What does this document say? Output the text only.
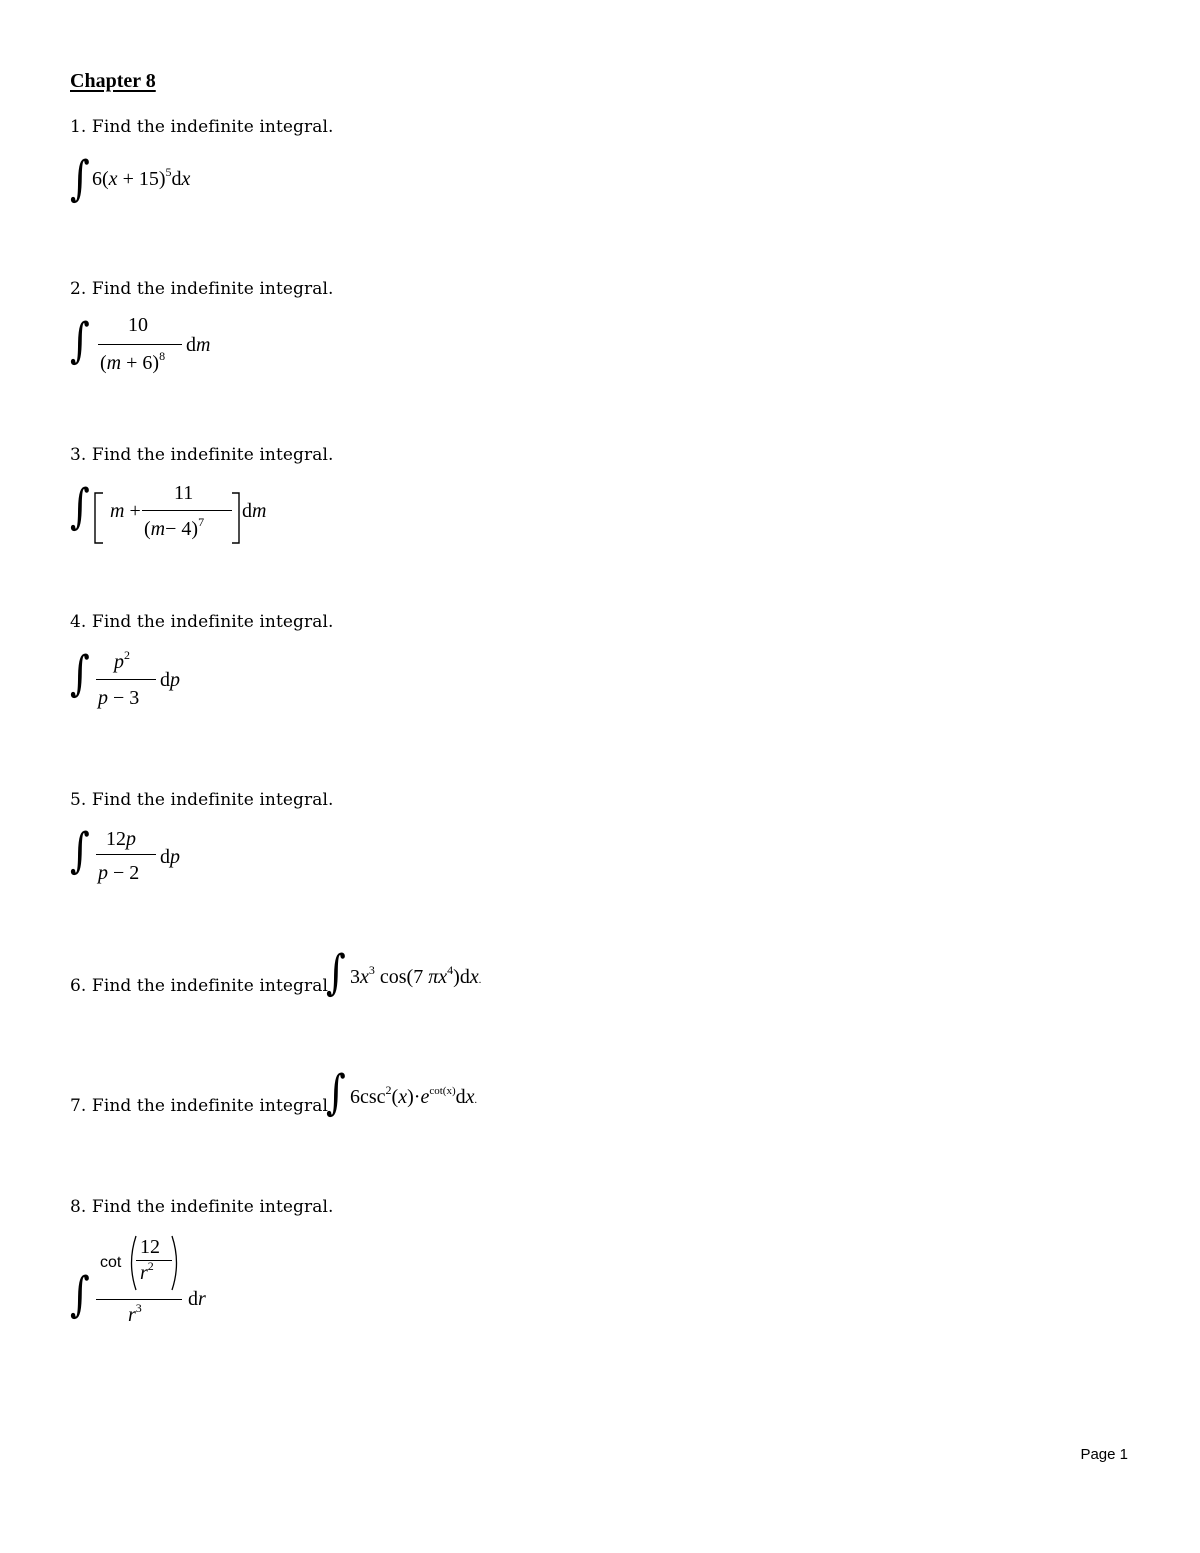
Chapter 8
1. Find the indefinite integral.
∫ $6(x + 15)^5dx$
2. Find the indefinite integral.
∫ 10
$(m + 6)^8$ dm
3. Find the indefinite integral.
∫ m +
11
$(m- 4)^7$ dm
4. Find the indefinite integral.
∫ $p^2$
p − 3
dp
5. Find the indefinite integral.
∫ 12p
p − 2
dp
6. Find the indefinite integral
∫ $3x^3$ cos(7 $\pi x^4)dx$.
7. Find the indefinite integral
∫ $6\csc^2(x)\cdot e^{cot(x)}dx$.
8. Find the indefinite integral.
∫
cot
12
$r^2$
$r^3$ dr
Page 1
